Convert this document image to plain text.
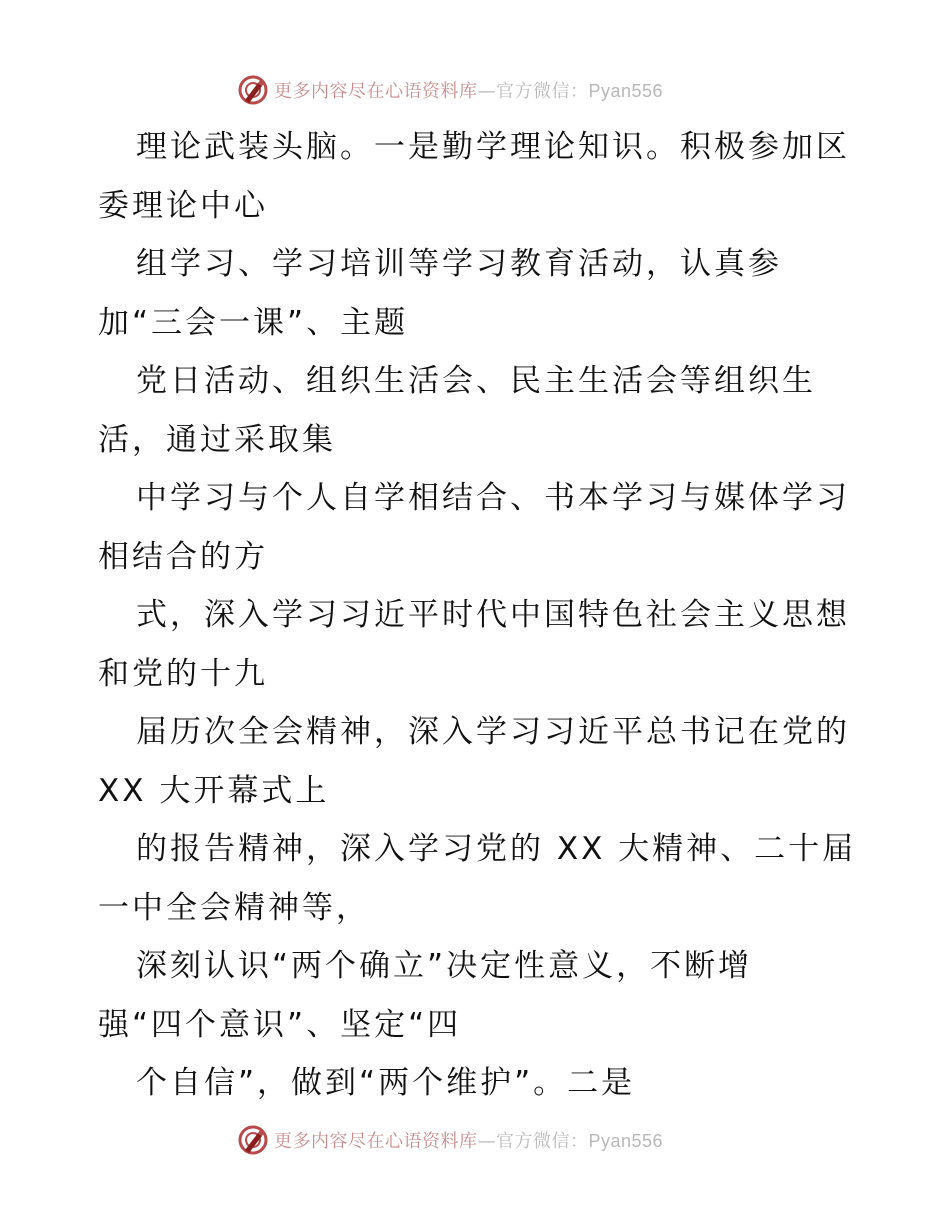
更多内容尽在心语资料库—官方微信：Pyan556
理论武装头脑。一是勤学理论知识。积极参加区
委理论中心
组学习、学习培训等学习教育活动，认真参
加“三会一课”、主题
党日活动、组织生活会、民主生活会等组织生
活，通过采取集
中学习与个人自学相结合、书本学习与媒体学习
相结合的方
式，深入学习习近平时代中国特色社会主义思想
和党的十九
届历次全会精神，深入学习习近平总书记在党的
XX 大开幕式上
的报告精神，深入学习党的 XX 大精神、二十届
一中全会精神等，
深刻认识“两个确立”决定性意义，不断增
强“四个意识”、坚定“四
个自信”，做到“两个维护”。二是
更多内容尽在心语资料库—官方微信：Pyan556
